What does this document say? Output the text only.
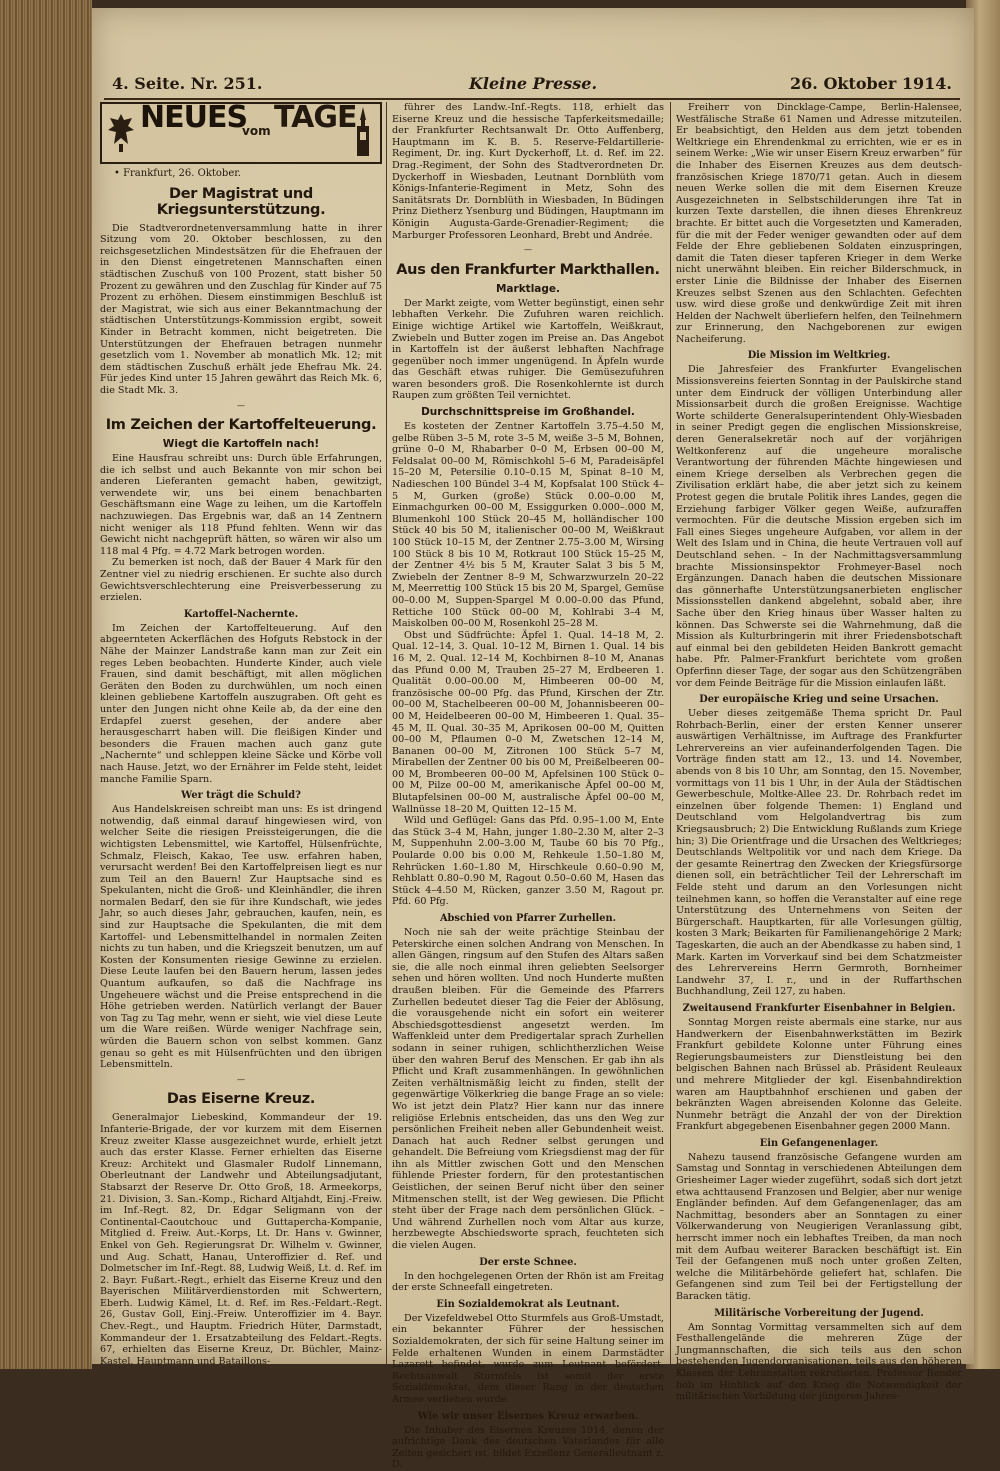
4. Seite. Nr. 251.	Kleine Presse.	26. Oktober 1914.
NEUES
vom TAGE
• Frankfurt, 26. Oktober.
Der Magistrat und Kriegsunterstützung.

Die Stadtverordnetenversammlung hatte in ihrer Sitzung vom 20. Oktober beschlossen, zu den reichsgesetzlichen Mindestsätzen für die Ehefrauen der in den Dienst eingetretenen Mannschaften einen städtischen Zuschuß von 100 Prozent, statt bisher 50 Prozent zu gewähren und den Zuschlag für Kinder auf 75 Prozent zu erhöhen. Diesem einstimmigen Beschluß ist der Magistrat, wie sich aus einer Bekanntmachung der städtischen Unterstützungs-Kommission ergibt, soweit Kinder in Betracht kommen, nicht beigetreten. Die Unterstützungen der Ehefrauen betragen nunmehr gesetzlich vom 1. November ab monatlich Mk. 12; mit dem städtischen Zuschuß erhält jede Ehefrau Mk. 24. Für jedes Kind unter 15 Jahren gewährt das Reich Mk. 6, die Stadt Mk. 3.

—
Im Zeichen der Kartoffelteuerung.
Wiegt die Kartoffeln nach!

Eine Hausfrau schreibt uns: Durch üble Erfahrungen, die ich selbst und auch Bekannte von mir schon bei anderen Lieferanten gemacht haben, gewitzigt, verwendete wir, uns bei einem benachbarten Geschäftsmann eine Wage zu leihen, um die Kartoffeln nachzuwiegen. Das Ergebnis war, daß an 14 Zentnern nicht weniger als 118 Pfund fehlten. Wenn wir das Gewicht nicht nachgeprüft hätten, so wären wir also um 118 mal 4 Pfg. = 4.72 Mark betrogen worden.

Zu bemerken ist noch, daß der Bauer 4 Mark für den Zentner viel zu niedrig erschienen. Er suchte also durch Gewichtsverschlechterung eine Preisverbesserung zu erzielen.

Kartoffel-Nachernte.

Im Zeichen der Kartoffelteuerung. Auf den abgeernteten Ackerflächen des Hofguts Rebstock in der Nähe der Mainzer Landstraße kann man zur Zeit ein reges Leben beobachten. Hunderte Kinder, auch viele Frauen, sind damit beschäftigt, mit allen möglichen Geräten den Boden zu durchwühlen, um noch einen kleinen gebliebene Kartoffeln auszugraben. Oft geht es unter den Jungen nicht ohne Keile ab, da der eine den Erdapfel zuerst gesehen, der andere aber herausgescharrt haben will. Die fleißigen Kinder und besonders die Frauen machen auch ganz gute „Nachernte“ und schleppen kleine Säcke und Körbe voll nach Hause. Jetzt, wo der Ernährer im Felde steht, leidet manche Familie Sparn.

Wer trägt die Schuld?

Aus Handelskreisen schreibt man uns: Es ist dringend notwendig, daß einmal darauf hingewiesen wird, von welcher Seite die riesigen Preissteigerungen, die die wichtigsten Lebensmittel, wie Kartoffel, Hülsenfrüchte, Schmalz, Fleisch, Kakao, Tee usw. erfahren haben, verursacht werden! Bei den Kartoffelpreisen liegt es nur zum Teil an den Bauern! Zur Hauptsache sind es Spekulanten, nicht die Groß- und Kleinhändler, die ihren normalen Bedarf, den sie für ihre Kundschaft, wie jedes Jahr, so auch dieses Jahr, gebrauchen, kaufen, nein, es sind zur Hauptsache die Spekulanten, die mit dem Kartoffel- und Lebensmittelhandel in normalen Zeiten nichts zu tun haben, und die Kriegszeit benutzen, um auf Kosten der Konsumenten riesige Gewinne zu erzielen. Diese Leute laufen bei den Bauern herum, lassen jedes Quantum aufkaufen, so daß die Nachfrage ins Ungeheuere wächst und die Preise entsprechend in die Höhe getrieben werden. Natürlich verlangt der Bauer von Tag zu Tag mehr, wenn er sieht, wie viel diese Leute um die Ware reißen. Würde weniger Nachfrage sein, würden die Bauern schon von selbst kommen. Ganz genau so geht es mit Hülsenfrüchten und den übrigen Lebensmitteln.

—
Das Eiserne Kreuz.

Generalmajor Liebeskind, Kommandeur der 19. Infanterie-Brigade, der vor kurzem mit dem Eisernen Kreuz zweiter Klasse ausgezeichnet wurde, erhielt jetzt auch das erster Klasse. Ferner erhielten das Eiserne Kreuz: Architekt und Glasmaler Rudolf Linnemann, Oberleutnant der Landwehr und Abteilungsadjutant, Stabsarzt der Reserve Dr. Otto Groß, 18. Armeekorps, 21. Division, 3. San.-Komp., Richard Altjahdt, Einj.-Freiw. im Inf.-Regt. 82, Dr. Edgar Seligmann von der Continental-Caoutchouc und Guttapercha-Kompanie, Mitglied d. Freiw. Aut.-Korps, Lt. Dr. Hans v. Gwinner, Enkel von Geh. Regierungsrat Dr. Wilhelm v. Gwinner, und Aug. Schatt, Hanau, Unteroffizier d. Ref. und Dolmetscher im Inf.-Regt. 88, Ludwig Weiß, Lt. d. Ref. im 2. Bayr. Fußart.-Regt., erhielt das Eiserne Kreuz und den Bayerischen Militärverdienstorden mit Schwertern, Eberh. Ludwig Kämel, Lt. d. Ref. im Res.-Feldart.-Regt. 26, Gustav Goll, Einj.-Freiw. Unteroffizier im 4. Bayr. Chev.-Regt., und Hauptm. Friedrich Hüter, Darmstadt, Kommandeur der 1. Ersatzabteilung des Feldart.-Regts. 67, erhielten das Eiserne Kreuz, Dr. Büchler, Mainz-Kastel, Hauptmann und Bataillons-

führer des Landw.-Inf.-Regts. 118, erhielt das Eiserne Kreuz und die hessische Tapferkeitsmedaille; der Frankfurter Rechtsanwalt Dr. Otto Auffenberg, Hauptmann im K. B. 5. Reserve-Feldartillerie-Regiment, Dr. ing. Kurt Dyckerhoff, Lt. d. Ref. im 22. Drag.-Regiment, der Sohn des Stadtverordneten Dr. Dyckerhoff in Wiesbaden, Leutnant Dornblüth vom Königs-Infanterie-Regiment in Metz, Sohn des Sanitätsrats Dr. Dornblüth in Wiesbaden, In Büdingen Prinz Dietherz Ysenburg und Büdingen, Hauptmann im Königin Augusta-Garde-Grenadier-Regiment; die Marburger Professoren Leonhard, Brebt und Andrée.

—
Aus den Frankfurter Markthallen.
Marktlage.

Der Markt zeigte, vom Wetter begünstigt, einen sehr lebhaften Verkehr. Die Zufuhren waren reichlich. Einige wichtige Artikel wie Kartoffeln, Weißkraut, Zwiebeln und Butter zogen im Preise an. Das Angebot in Kartoffeln ist der äußerst lebhaften Nachfrage gegenüber noch immer ungenügend. In Äpfeln wurde das Geschäft etwas ruhiger. Die Gemüsezufuhren waren besonders groß. Die Rosenkohlernte ist durch Raupen zum größten Teil vernichtet.

Durchschnittspreise im Großhandel.

Es kosteten der Zentner Kartoffeln 3.75–4.50 M, gelbe Rüben 3–5 M, rote 3–5 M, weiße 3–5 M, Bohnen, grüne 0–0 M, Rhabarber 0–0 M, Erbsen 00–00 M, Feldsalat 00–00 M, Römischkohl 5–6 M, Paradeisäpfel 15–20 M, Petersilie 0.10–0.15 M, Spinat 8–10 M, Nadieschen 100 Bündel 3–4 M, Kopfsalat 100 Stück 4–5 M, Gurken (große) Stück 0.00–0.00 M, Einmachgurken 00–00 M, Essiggurken 0.000–.000 M, Blumenkohl 100 Stück 20–45 M, holländischer 100 Stück 40 bis 50 M, italienischer 00–00 M, Weißkraut 100 Stück 10–15 M, der Zentner 2.75–3.00 M, Wirsing 100 Stück 8 bis 10 M, Rotkraut 100 Stück 15–25 M, der Zentner 4½ bis 5 M, Krauter Salat 3 bis 5 M, Zwiebeln der Zentner 8–9 M, Schwarzwurzeln 20–22 M, Meerrettig 100 Stück 15 bis 20 M, Spargel, Gemüse 00–0.00 M, Suppen-Spargel M 0.00–0.00 das Pfund, Rettiche 100 Stück 00–00 M, Kohlrabi 3–4 M, Maiskolben 00–00 M, Rosenkohl 25–28 M.

Obst und Südfrüchte: Äpfel 1. Qual. 14–18 M, 2. Qual. 12–14, 3. Qual. 10–12 M, Birnen 1. Qual. 14 bis 16 M, 2. Qual. 12–14 M, Kochbirnen 8–10 M, Ananas das Pfund 0.00 M, Trauben 25–27 M, Erdbeeren 1. Qualität 0.00–00.00 M, Himbeeren 00–00 M, französische 00–00 Pfg. das Pfund, Kirschen der Ztr. 00–00 M, Stachelbeeren 00–00 M, Johannisbeeren 00–00 M, Heidelbeeren 00–00 M, Himbeeren 1. Qual. 35–45 M, II. Qual. 30–35 M, Aprikosen 00–00 M, Quitten 00–00 M, Pflaumen 0–0 M, Zwetschen 12–14 M, Bananen 00–00 M, Zitronen 100 Stück 5–7 M, Mirabellen der Zentner 00 bis 00 M, Preißelbeeren 00–00 M, Brombeeren 00–00 M, Apfelsinen 100 Stück 0–00 M, Pilze 00–00 M, amerikanische Äpfel 00–00 M, Blutapfelsinen 00–00 M, australische Äpfel 00–00 M, Wallnüsse 18–20 M, Quitten 12–15 M.

Wild und Geflügel: Gans das Pfd. 0.95–1.00 M, Ente das Stück 3–4 M, Hahn, junger 1.80–2.30 M, alter 2–3 M, Suppenhuhn 2.00–3.00 M, Taube 60 bis 70 Pfg., Poularde 0.00 bis 0.00 M, Rehkeule 1.50–1.80 M, Rehrücken 1.60–1.80 M, Hirschkeule 0.60–0.90 M, Rehblatt 0.80–0.90 M, Ragout 0.50–0.60 M, Hasen das Stück 4–4.50 M, Rücken, ganzer 3.50 M, Ragout pr. Pfd. 60 Pfg.

Abschied von Pfarrer Zurhellen.

Noch nie sah der weite prächtige Steinbau der Peterskirche einen solchen Andrang von Menschen. In allen Gängen, ringsum auf den Stufen des Altars saßen sie, die alle noch einmal ihren geliebten Seelsorger sehen und hören wollten. Und noch Hunderte mußten draußen bleiben. Für die Gemeinde des Pfarrers Zurhellen bedeutet dieser Tag die Feier der Ablösung, die vorausgehende nicht ein sofort ein weiterer Abschiedsgottesdienst angesetzt werden. Im Waffenkleid unter dem Predigertalar sprach Zurhellen sodann in seiner ruhigen, schlichtherzlichen Weise über den wahren Beruf des Menschen. Er gab ihn als Pflicht und Kraft zusammenhängen. In gewöhnlichen Zeiten verhältnismäßig leicht zu finden, stellt der gegenwärtige Völkerkrieg die bange Frage an so viele: Wo ist jetzt dein Platz? Hier kann nur das innere religiöse Erlebnis entscheiden, das uns den Weg zur persönlichen Freiheit neben aller Gebundenheit weist. Danach hat auch Redner selbst gerungen und gehandelt. Die Befreiung vom Kriegsdienst mag der für ihn als Mittler zwischen Gott und den Menschen fühlende Priester fordern, für den protestantischen Geistlichen, der seinen Beruf nicht über den seiner Mitmenschen stellt, ist der Weg gewiesen. Die Pflicht steht über der Frage nach dem persönlichen Glück. – Und während Zurhellen noch vom Altar aus kurze, herzbewegte Abschiedsworte sprach, feuchteten sich die vielen Augen.

Der erste Schnee.

In den hochgelegenen Orten der Rhön ist am Freitag der erste Schneefall eingetreten.

Ein Sozialdemokrat als Leutnant.

Der Vizefeldwebel Otto Sturmfels aus Groß-Umstadt, ein bekannter Führer der hessischen Sozialdemokraten, der sich für seine Haltung seiner im Felde erhaltenen Wunden in einem Darmstädter Lazarett befindet, wurde zum Leutnant befördert. Rechtsanwalt Sturmfels ist somit der erste Sozialdemokrat, dem dieser Rang in der deutschen Armee verliehen wurde.

Wie wir unser Eisernes Kreuz erwarben.

Die Inhaber des Eisernen Kreuzes 1914, denen der aufrichtige Dank des deutschen Vaterlandes für alle Zeiten gesichert ist, bildet Exzellenz Generalleutnant z. D.

Freiherr von Dincklage-Campe, Berlin-Halensee, Westfälische Straße 61 Namen und Adresse mitzuteilen. Er beabsichtigt, den Helden aus dem jetzt tobenden Weltkriege ein Ehrendenkmal zu errichten, wie er es in seinem Werke: „Wie wir unser Eisern Kreuz erwarben“ für die Inhaber des Eisernen Kreuzes aus dem deutsch-französischen Kriege 1870/71 getan. Auch in diesem neuen Werke sollen die mit dem Eisernen Kreuze Ausgezeichneten in Selbstschilderungen ihre Tat in kurzen Texte darstellen, die ihnen dieses Ehrenkreuz brachte. Er bittet auch die Vorgesetzten und Kameraden, für die mit der Feder weniger gewandten oder auf dem Felde der Ehre gebliebenen Soldaten einzuspringen, damit die Taten dieser tapferen Krieger in dem Werke nicht unerwähnt bleiben. Ein reicher Bilderschmuck, in erster Linie die Bildnisse der Inhaber des Eisernen Kreuzes selbst Szenen aus den Schlachten. Gefechten usw. wird diese große und denkwürdige Zeit mit ihren Helden der Nachwelt überliefern helfen, den Teilnehmern zur Erinnerung, den Nachgeborenen zur ewigen Nacheiferung.

Die Mission im Weltkrieg.

Die Jahresfeier des Frankfurter Evangelischen Missionsvereins feierten Sonntag in der Paulskirche stand unter dem Eindruck der völligen Unterbindung aller Missionsarbeit durch die großen Ereignisse. Wachtige Worte schilderte Generalsuperintendent Ohly-Wiesbaden in seiner Predigt gegen die englischen Missionskreise, deren Generalsekretär noch auf der vorjährigen Weltkonferenz auf die ungeheure moralische Verantwortung der führenden Mächte hingewiesen und einem Kriege derselben als Verbrechen gegen die Zivilisation erklärt habe, die aber jetzt sich zu keinem Protest gegen die brutale Politik ihres Landes, gegen die Erziehung farbiger Völker gegen Weiße, aufzuraffen vermochten. Für die deutsche Mission ergeben sich im Fall eines Sieges ungeheure Aufgaben, vor allem in der Welt des Islam und in China, die heute Vertrauen voll auf Deutschland sehen. – In der Nachmittagsversammlung brachte Missionsinspektor Frohmeyer-Basel noch Ergänzungen. Danach haben die deutschen Missionare das gönnerhafte Unterstützungsanerbieten englischer Missionsstellen dankend abgelehnt, sobald aber, ihre Sache über den Krieg hinaus über Wasser halten zu können. Das Schwerste sei die Wahrnehmung, daß die Mission als Kulturbringerin mit ihrer Friedensbotschaft auf einmal bei den gebildeten Heiden Bankrott gemacht habe. Pfr. Palmer-Frankfurt berichtete vom großen Opferfinn dieser Tage, der sogar aus den Schützengräben vor dem Feinde Beiträge für die Mission einlaufen läßt.

Der europäische Krieg und seine Ursachen.

Ueber dieses zeitgemäße Thema spricht Dr. Paul Rohrbach-Berlin, einer der ersten Kenner unserer auswärtigen Verhältnisse, im Auftrage des Frankfurter Lehrervereins an vier aufeinanderfolgenden Tagen. Die Vorträge finden statt am 12., 13. und 14. November, abends von 8 bis 10 Uhr, am Sonntag, den 15. November, vormittags von 11 bis 1 Uhr, in der Aula der Städtischen Gewerbeschule, Moltke-Allee 23. Dr. Rohrbach redet im einzelnen über folgende Themen: 1) England und Deutschland vom Helgolandvertrag bis zum Kriegsausbruch; 2) Die Entwicklung Rußlands zum Kriege hin; 3) Die Orientfrage und die Ursachen des Weltkrieges; Deutschlands Weltpolitik vor und nach dem Kriege. Da der gesamte Reinertrag den Zwecken der Kriegsfürsorge dienen soll, ein beträchtlicher Teil der Lehrerschaft im Felde steht und darum an den Vorlesungen nicht teilnehmen kann, so hoffen die Veranstalter auf eine rege Unterstützung des Unternehmens von Seiten der Bürgerschaft. Hauptkarten, für alle Vorlesungen gültig, kosten 3 Mark; Beikarten für Familienangehörige 2 Mark; Tageskarten, die auch an der Abendkasse zu haben sind, 1 Mark. Karten im Vorverkauf sind bei dem Schatzmeister des Lehrervereins Herrn Germroth, Bornheimer Landwehr 37, I. r., und in der Ruffarthschen Buchhandlung, Zeil 127, zu haben.

Zweitausend Frankfurter Eisenbahner in Belgien.

Sonntag Morgen reiste abermals eine starke, nur aus Handwerkern der Eisenbahnwerkstätten im Bezirk Frankfurt gebildete Kolonne unter Führung eines Regierungsbaumeisters zur Dienstleistung bei den belgischen Bahnen nach Brüssel ab. Präsident Reuleaux und mehrere Mitglieder der kgl. Eisenbahndirektion waren am Hauptbahnhof erschienen und gaben der bekränzten Wagen abreisenden Kolonne das Geleite. Nunmehr beträgt die Anzahl der von der Direktion Frankfurt abgegebenen Eisenbahner gegen 2000 Mann.

Ein Gefangenenlager.

Nahezu tausend französische Gefangene wurden am Samstag und Sonntag in verschiedenen Abteilungen dem Griesheimer Lager wieder zugeführt, sodaß sich dort jetzt etwa achttausend Franzosen und Belgier, aber nur wenige Engländer befinden. Auf dem Gefangenenlager, das am Nachmittag, besonders aber an Sonntagen zu einer Völkerwanderung von Neugierigen Veranlassung gibt, herrscht immer noch ein lebhaftes Treiben, da man noch mit dem Aufbau weiterer Baracken beschäftigt ist. Ein Teil der Gefangenen muß noch unter großen Zelten, welche die Militärbehörde geliefert hat, schlafen. Die Gefangenen sind zum Teil bei der Fertigstellung der Baracken tätig.

Militärische Vorbereitung der Jugend.

Am Sonntag Vormittag versammelten sich auf dem Festhallengelände die mehreren Züge der Jungmannschaften, die sich teils aus den schon bestehenden Jugendorganisationen, teils aus den höheren Klassen der Lehranstalten rekrutierten. Professor Bender hob im Hinblick auf den Krieg die Notwendigkeit der militärischen Vorbildung der jüngeren Jahres-
